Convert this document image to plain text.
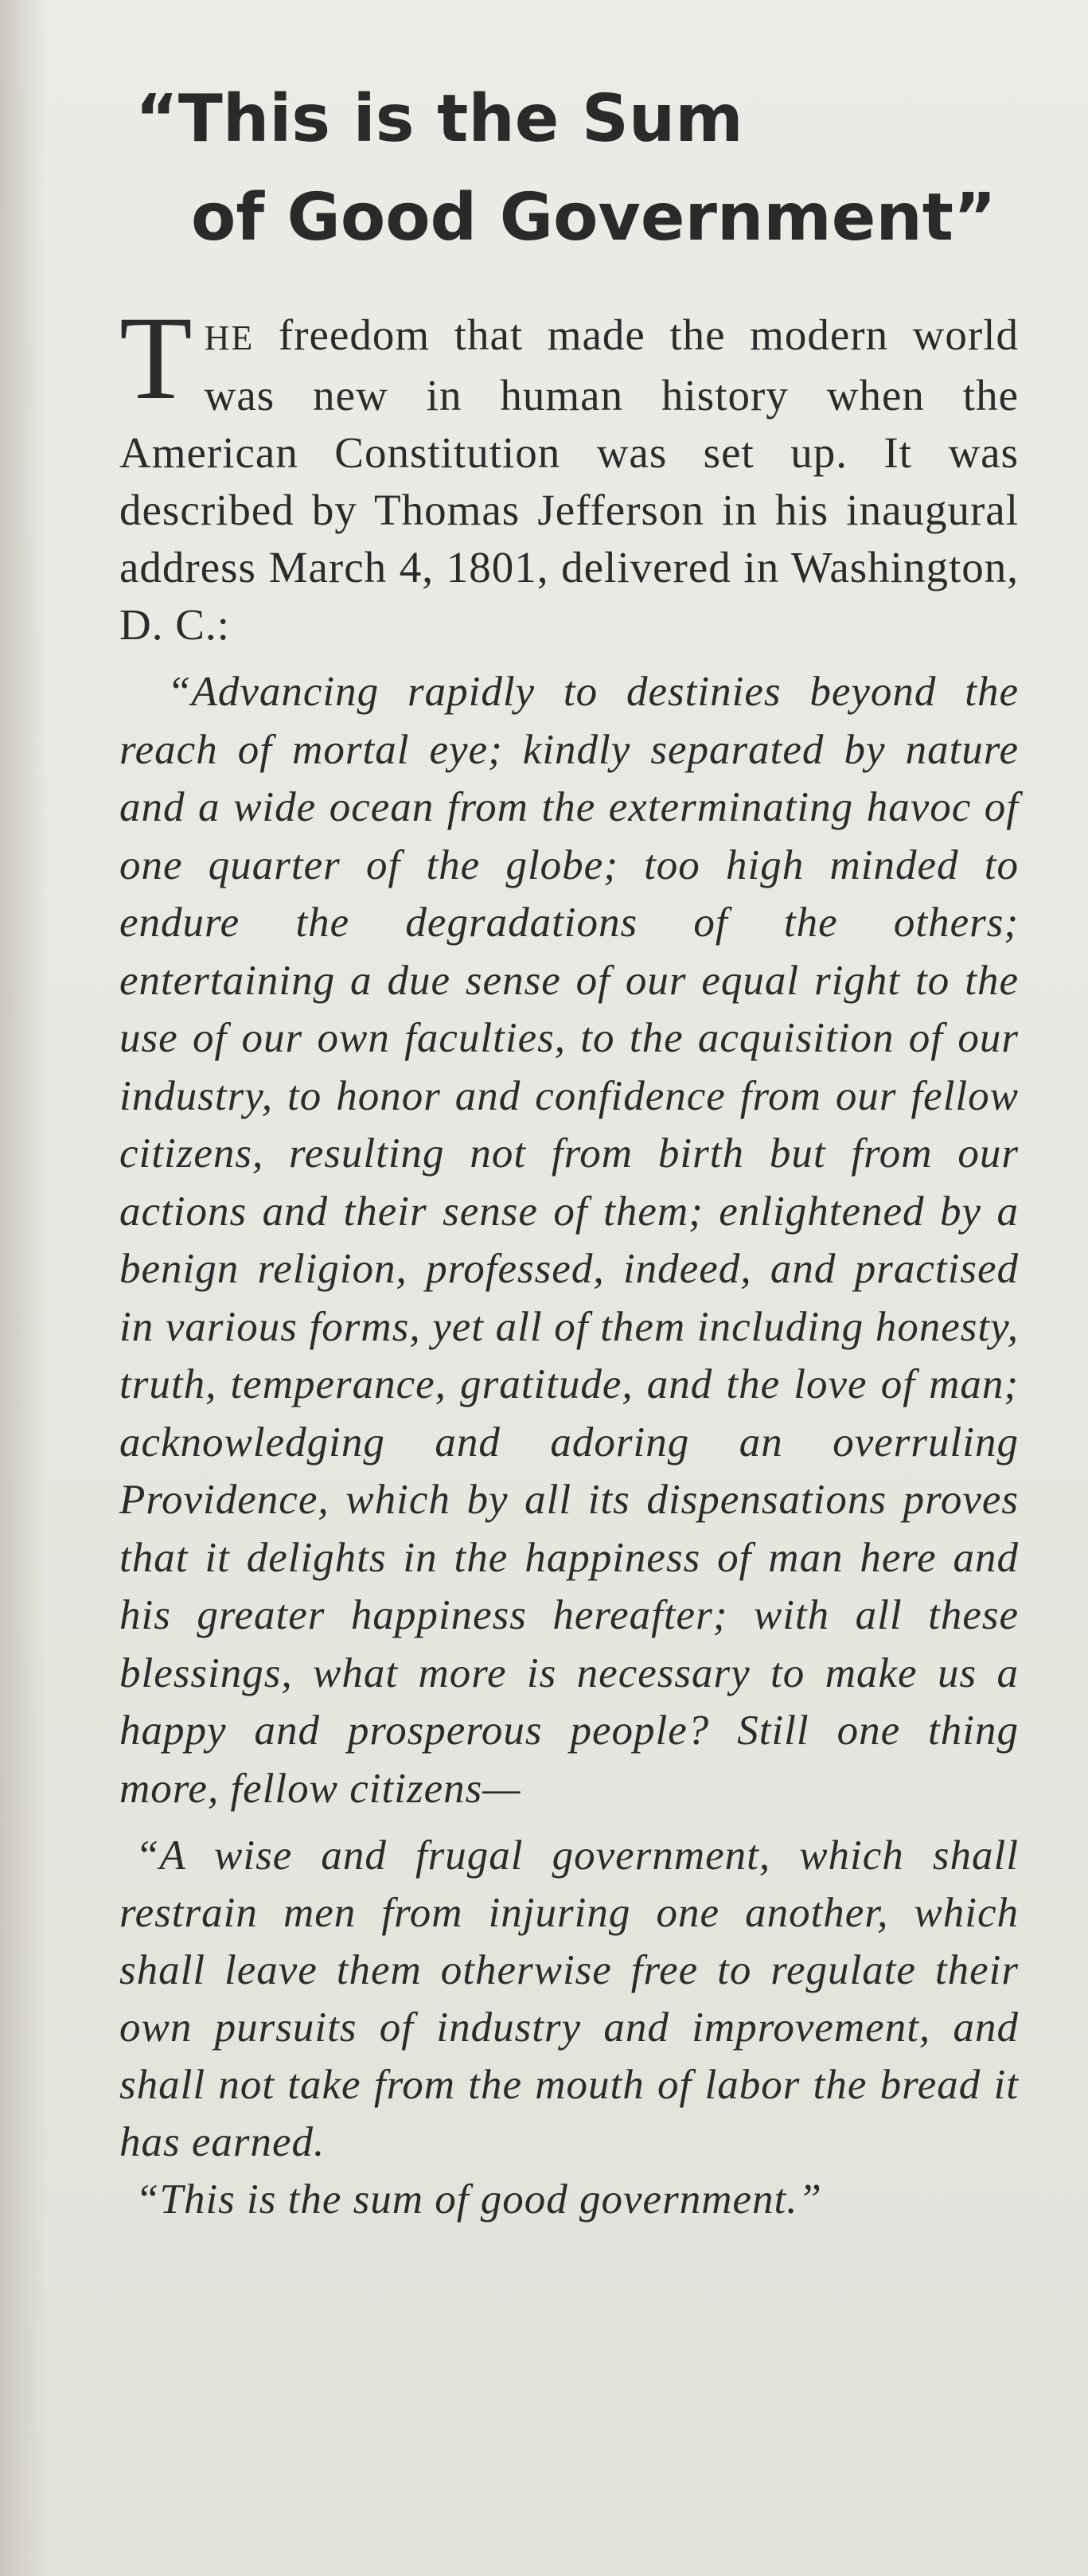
“This is the Sum
of Good Government”

THE freedom that made the modern world was new in human history when the American Constitution was set up. It was described by Thomas Jefferson in his inaugural address March 4, 1801, delivered in Washington, D. C.:

“Advancing rapidly to destinies beyond the reach of mortal eye; kindly separated by nature and a wide ocean from the exterminating havoc of one quarter of the globe; too high minded to endure the degradations of the others; entertaining a due sense of our equal right to the use of our own faculties, to the acquisition of our industry, to honor and confidence from our fellow citizens, resulting not from birth but from our actions and their sense of them; enlightened by a benign religion, professed, indeed, and practised in various forms, yet all of them including honesty, truth, temperance, gratitude, and the love of man; acknowledging and adoring an overruling Providence, which by all its dispensations proves that it delights in the happiness of man here and his greater happiness hereafter; with all these blessings, what more is necessary to make us a happy and prosperous people? Still one thing more, fellow citizens—

“A wise and frugal government, which shall restrain men from injuring one another, which shall leave them otherwise free to regulate their own pursuits of industry and improvement, and shall not take from the mouth of labor the bread it has earned.

“This is the sum of good government.”
